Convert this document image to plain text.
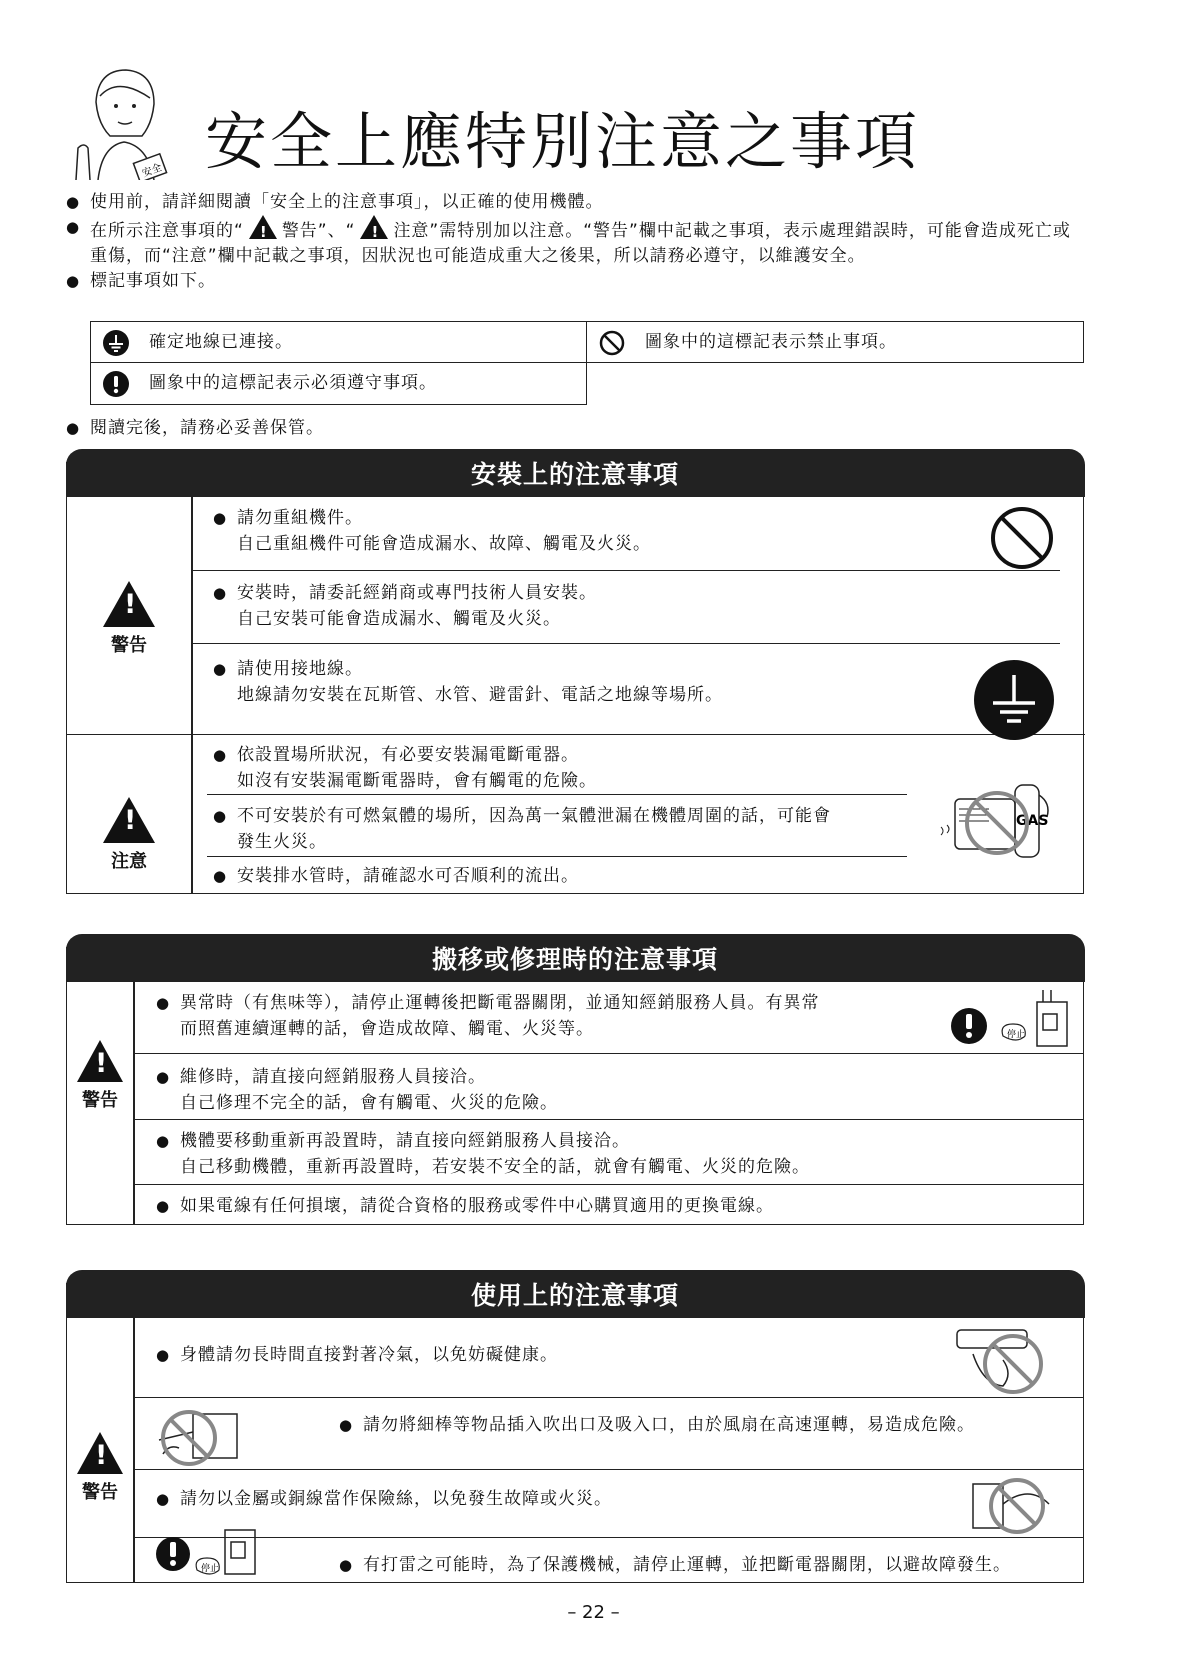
安全 安全上應特別注意之事項
● 使用前，請詳細閱讀「安全上的注意事項」，以正確的使用機體。
● 在所示注意事項的“ ! 警告”、“ ! 注意”需特別加以注意。“警告”欄中記載之事項，表示處理錯誤時，可能會造成死亡或重傷，而“注意”欄中記載之事項，因狀況也可能造成重大之後果，所以請務必遵守，以維護安全。
● 標記事項如下。
確定地線已連接。	圖象中的這標記表示禁止事項。
圖象中的這標記表示必須遵守事項。
● 閱讀完後，請務必妥善保管。
安裝上的注意事項
!
警告
!
注意
● 請勿重組機件。
自己重組機件可能會造成漏水、故障、觸電及火災。
● 安裝時，請委託經銷商或專門技術人員安裝。
自己安裝可能會造成漏水、觸電及火災。
● 請使用接地線。
地線請勿安裝在瓦斯管、水管、避雷針、電話之地線等場所。
● 依設置場所狀況，有必要安裝漏電斷電器。
如沒有安裝漏電斷電器時，會有觸電的危險。
● 不可安裝於有可燃氣體的場所，因為萬一氣體泄漏在機體周圍的話，可能會
發生火災。
● 安裝排水管時，請確認水可否順利的流出。
GAS
搬移或修理時的注意事項
!
警告
● 異常時（有焦味等），請停止運轉後把斷電器關閉，並通知經銷服務人員。有異常
而照舊連續運轉的話，會造成故障、觸電、火災等。
● 維修時，請直接向經銷服務人員接洽。
自己修理不完全的話，會有觸電、火災的危險。
● 機體要移動重新再設置時，請直接向經銷服務人員接洽。
自己移動機體，重新再設置時，若安裝不安全的話，就會有觸電、火災的危險。
● 如果電線有任何損壞，請從合資格的服務或零件中心購買適用的更換電線。
停止
使用上的注意事項
!
警告
● 身體請勿長時間直接對著冷氣，以免妨礙健康。
● 請勿將細棒等物品插入吹出口及吸入口，由於風扇在高速運轉，易造成危險。
● 請勿以金屬或銅線當作保險絲，以免發生故障或火災。
● 有打雷之可能時，為了保護機械，請停止運轉，並把斷電器關閉，以避故障發生。
停止
– 22 –
